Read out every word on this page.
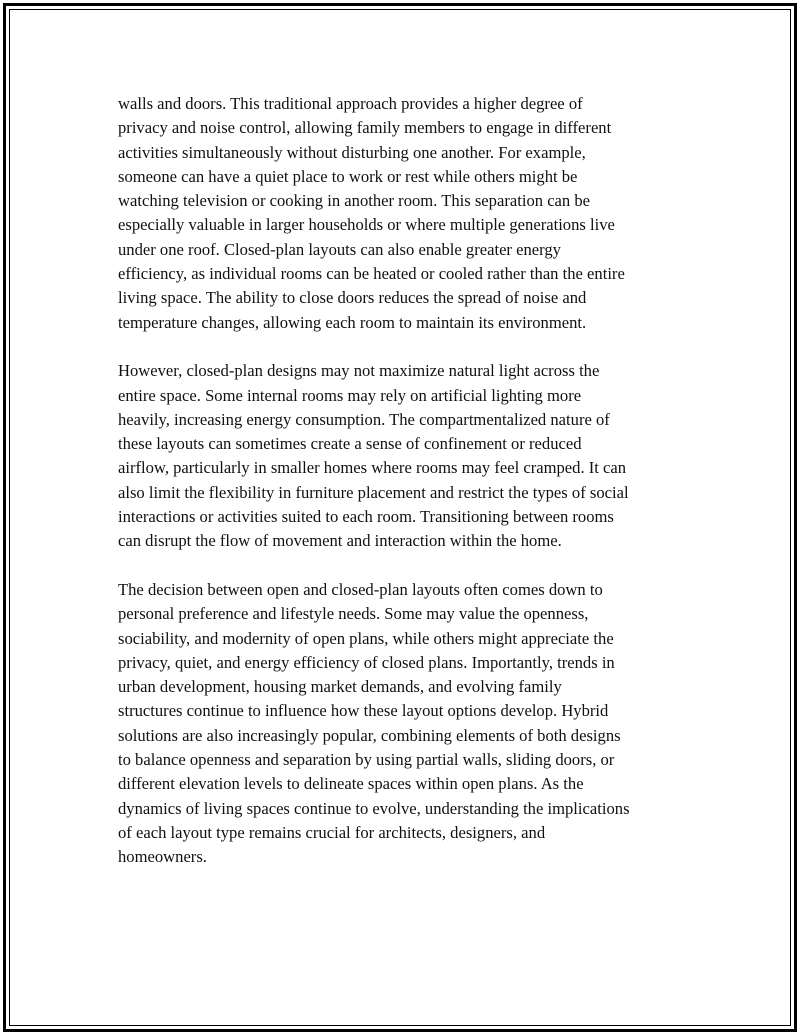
walls and doors. This traditional approach provides a higher degree of
privacy and noise control, allowing family members to engage in different
activities simultaneously without disturbing one another. For example,
someone can have a quiet place to work or rest while others might be
watching television or cooking in another room. This separation can be
especially valuable in larger households or where multiple generations live
under one roof. Closed-plan layouts can also enable greater energy
efficiency, as individual rooms can be heated or cooled rather than the entire
living space. The ability to close doors reduces the spread of noise and
temperature changes, allowing each room to maintain its environment.

However, closed-plan designs may not maximize natural light across the
entire space. Some internal rooms may rely on artificial lighting more
heavily, increasing energy consumption. The compartmentalized nature of
these layouts can sometimes create a sense of confinement or reduced
airflow, particularly in smaller homes where rooms may feel cramped. It can
also limit the flexibility in furniture placement and restrict the types of social
interactions or activities suited to each room. Transitioning between rooms
can disrupt the flow of movement and interaction within the home.

The decision between open and closed-plan layouts often comes down to
personal preference and lifestyle needs. Some may value the openness,
sociability, and modernity of open plans, while others might appreciate the
privacy, quiet, and energy efficiency of closed plans. Importantly, trends in
urban development, housing market demands, and evolving family
structures continue to influence how these layout options develop. Hybrid
solutions are also increasingly popular, combining elements of both designs
to balance openness and separation by using partial walls, sliding doors, or
different elevation levels to delineate spaces within open plans. As the
dynamics of living spaces continue to evolve, understanding the implications
of each layout type remains crucial for architects, designers, and
homeowners.
